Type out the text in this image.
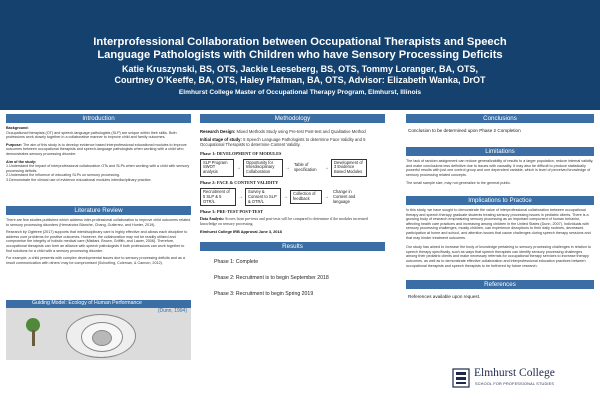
Interprofessional Collaboration between Occupational Therapists and Speech
Language Pathologists with Children who have Sensory Processing Deficits
Katie Kruszynski, BS, OTS, Jackie Leeseberg, BS, OTS, Tommy Loranger, BA, OTS,
Courtney O’Keeffe, BA, OTS, Haley Pfafman, BA, OTS, Advisor: Elizabeth Wanka, DrOT
Elmhurst College Master of Occupational Therapy Program, Elmhurst, Illinois
Introduction
Background:
Occupational therapists (OT) and speech-language pathologists (SLP) are unique within their skills. Both professions work closely together in a collaborative manner to improve child and family outcomes.
Purpose: The aim of this study is to develop evidence based interprofessional educational modules to improve outcomes between occupational therapists and speech-language pathologists when working with a child who demonstrates sensory processing disorder.
Aim of the study:
1.Understand the impact of interprofessional collaboration OTs and SLPs when working with a child with sensory processing deficits.
2.Understand the influence of educating SLPs on sensory processing.
3.Demonstrate the clinical use of evidence educational modules interdisciplinary practice.
Literature Review
There are few studies published which address inter-professional collaboration to improve child outcomes related to sensory processing disorders (Hernandez Blanche, Chang, Gutierrez, and Hunter, 2019).
Research by Ogletree (2017) supports that interdisciplinary care is highly effective and allows each discipline to address core problems for positive outcomes. However, the collaboration may not be readily utilized and compromise the integrity of holistic medical care (Mistlani, Brown, Griffith, and Lawer, 2006). Therefore, occupational therapists can form an alliance with speech pathologists if both professions can work together to find solutions for a child with a sensory processing disorder.
For example, a child presents with complex developmental issues due to sensory processing deficits and as a result communication with others' may be compromised (Schoeling, Coleman, & Cannon, 2012).
Guiding Model: Ecology of Human Performance
(Dunn, 1994)
Methodology
Research Design: Mixed Methods Study using Pre-test Post-test and Qualitative Method
Initial stage of study: 5 Speech Language Pathologists to determine Face Validity and 5 Occupational Therapists to determine Content Validity.
Phase 1: DEVELOPMENT OF MODULES
SLP Program SWOT analysis
→
Opportunity for Interdisciplinary Collaboration
→
Table of specification	→
Development of 3 Evidence Based Modules
Phase 2: FACE & CONTENT VALIDITY
Recruitment of 5 SLP & 5 OTR/L
→
Survey & Consent to SLP & OTR/L
→
Collection of feedback	→
Change in Content and language
Phase 3: PRE-TEST POST-TEST
Data Analysis: Scores from pre-tests and post-tests will be compared to determine if the modules increased knowledge on sensory processing.
Elmhurst College IRB Approval June 3, 2018
Results
Phase 1: Complete
Phase 2: Recruitment is to begin September 2018
Phase 3: Recruitment to begin Spring 2019
Conclusions
Conclusion to be determined upon Phase 2 Completion
Limitations
The lack of random assignment can reduce generalizability of results to a larger population, reduce internal validity, and make conclusions less definitive due to issues with causality. It may also be difficult to produce statistically powerful results with just one control group and one dependent variable, which is level of perceived knowledge of sensory processing related concepts.
The small sample size, may not generalize to the general public.
Implications to Practice
In this study, we have sought to demonstrate the value of interprofessional collaboration between occupational therapy and speech therapy graduate students treating sensory processing issues in pediatric clients. There is a growing body of research emphasizing sensory processing as an important component of human behavior, affecting health care practices and increasing among children in the United States (Dunn, 2007). Individuals with sensory processing challenges, mostly children, can experience disruptions to their daily routines, decreased participation at home and school, and attention issues that cause challenges during speech therapy sessions and that may hinder treatment outcomes.
Our study has aimed to increase the body of knowledge pertaining to sensory processing challenges in relation to speech therapy specifically, such as ways that speech therapists can identify sensory processing challenges among their pediatric clients and make necessary referrals for occupational therapy services to increase therapy outcomes, as well as to demonstrate effective collaboration and interprofessional education practices between occupational therapists and speech therapists to be furthered by future research.
References
References available upon request.
Elmhurst College
SCHOOL FOR PROFESSIONAL STUDIES
